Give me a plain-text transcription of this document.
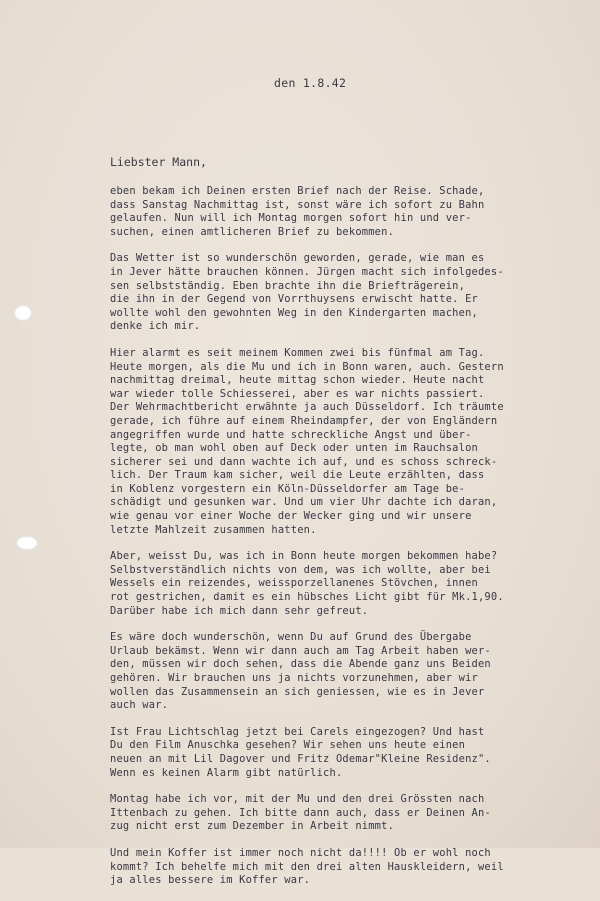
den 1.8.42
Liebster Mann,
eben bekam ich Deinen ersten Brief nach der Reise. Schade,
dass Sanstag Nachmittag ist, sonst wäre ich sofort zu Bahn
gelaufen. Nun will ich Montag morgen sofort hin und ver-
suchen, einen amtlicheren Brief zu bekommen.
Das Wetter ist so wunderschön geworden, gerade, wie man es
in Jever hätte brauchen können. Jürgen macht sich infolgedes-
sen selbstständig. Eben brachte ihn die Briefträgerein,
die ihn in der Gegend von Vorrthuysens erwischt hatte. Er
wollte wohl den gewohnten Weg in den Kindergarten machen,
denke ich mir.
Hier alarmt es seit meinem Kommen zwei bis fünfmal am Tag.
Heute morgen, als die Mu und ich in Bonn waren, auch. Gestern
nachmittag dreimal, heute mittag schon wieder. Heute nacht
war wieder tolle Schiesserei, aber es war nichts passiert.
Der Wehrmachtbericht erwähnte ja auch Düsseldorf. Ich träumte
gerade, ich führe auf einem Rheindampfer, der von Engländern
angegriffen wurde und hatte schreckliche Angst und über-
legte, ob man wohl oben auf Deck oder unten im Rauchsalon
sicherer sei und dann wachte ich auf, und es schoss schreck-
lich. Der Traum kam sicher, weil die Leute erzählten, dass
in Koblenz vorgestern ein Köln-Düsseldorfer am Tage be-
schädigt und gesunken war. Und um vier Uhr dachte ich daran,
wie genau vor einer Woche der Wecker ging und wir unsere
letzte Mahlzeit zusammen hatten.
Aber, weisst Du, was ich in Bonn heute morgen bekommen habe?
Selbstverständlich nichts von dem, was ich wollte, aber bei
Wessels ein reizendes, weissporzellanenes Stövchen, innen
rot gestrichen, damit es ein hübsches Licht gibt für Mk.1,90.
Darüber habe ich mich dann sehr gefreut.
Es wäre doch wunderschön, wenn Du auf Grund des Übergabe
Urlaub bekämst. Wenn wir dann auch am Tag Arbeit haben wer-
den, müssen wir doch sehen, dass die Abende ganz uns Beiden
gehören. Wir brauchen uns ja nichts vorzunehmen, aber wir
wollen das Zusammensein an sich geniessen, wie es in Jever
auch war.
Ist Frau Lichtschlag jetzt bei Carels eingezogen? Und hast
Du den Film Anuschka gesehen? Wir sehen uns heute einen
neuen an mit Lil Dagover und Fritz Odemar"Kleine Residenz".
Wenn es keinen Alarm gibt natürlich.
Montag habe ich vor, mit der Mu und den drei Grössten nach
Ittenbach zu gehen. Ich bitte dann auch, dass er Deinen An-
zug nicht erst zum Dezember in Arbeit nimmt.
Und mein Koffer ist immer noch nicht da!!!! Ob er wohl noch
kommt? Ich behelfe mich mit den drei alten Hauskleidern, weil
ja alles bessere im Koffer war.
